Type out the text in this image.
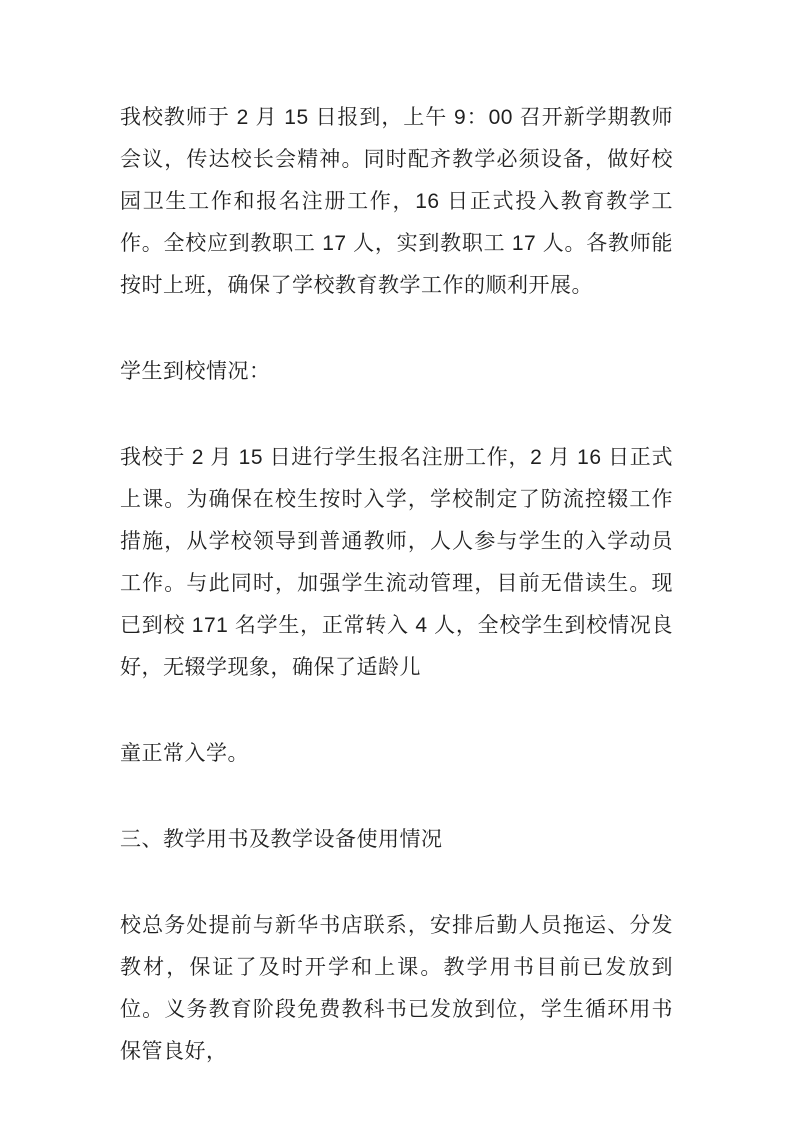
我校教师于 2 月 15 日报到，上午 9：00 召开新学期教师会议，传达校长会精神。同时配齐教学必须设备，做好校园卫生工作和报名注册工作，16 日正式投入教育教学工作。全校应到教职工 17 人，实到教职工 17 人。各教师能按时上班，确保了学校教育教学工作的顺利开展。

学生到校情况：

我校于 2 月 15 日进行学生报名注册工作，2 月 16 日正式上课。为确保在校生按时入学，学校制定了防流控辍工作措施，从学校领导到普通教师，人人参与学生的入学动员工作。与此同时，加强学生流动管理，目前无借读生。现已到校 171 名学生，正常转入 4 人，全校学生到校情况良好，无辍学现象，确保了适龄儿

童正常入学。

三、教学用书及教学设备使用情况

校总务处提前与新华书店联系，安排后勤人员拖运、分发教材，保证了及时开学和上课。教学用书目前已发放到位。义务教育阶段免费教科书已发放到位，学生循环用书保管良好，
